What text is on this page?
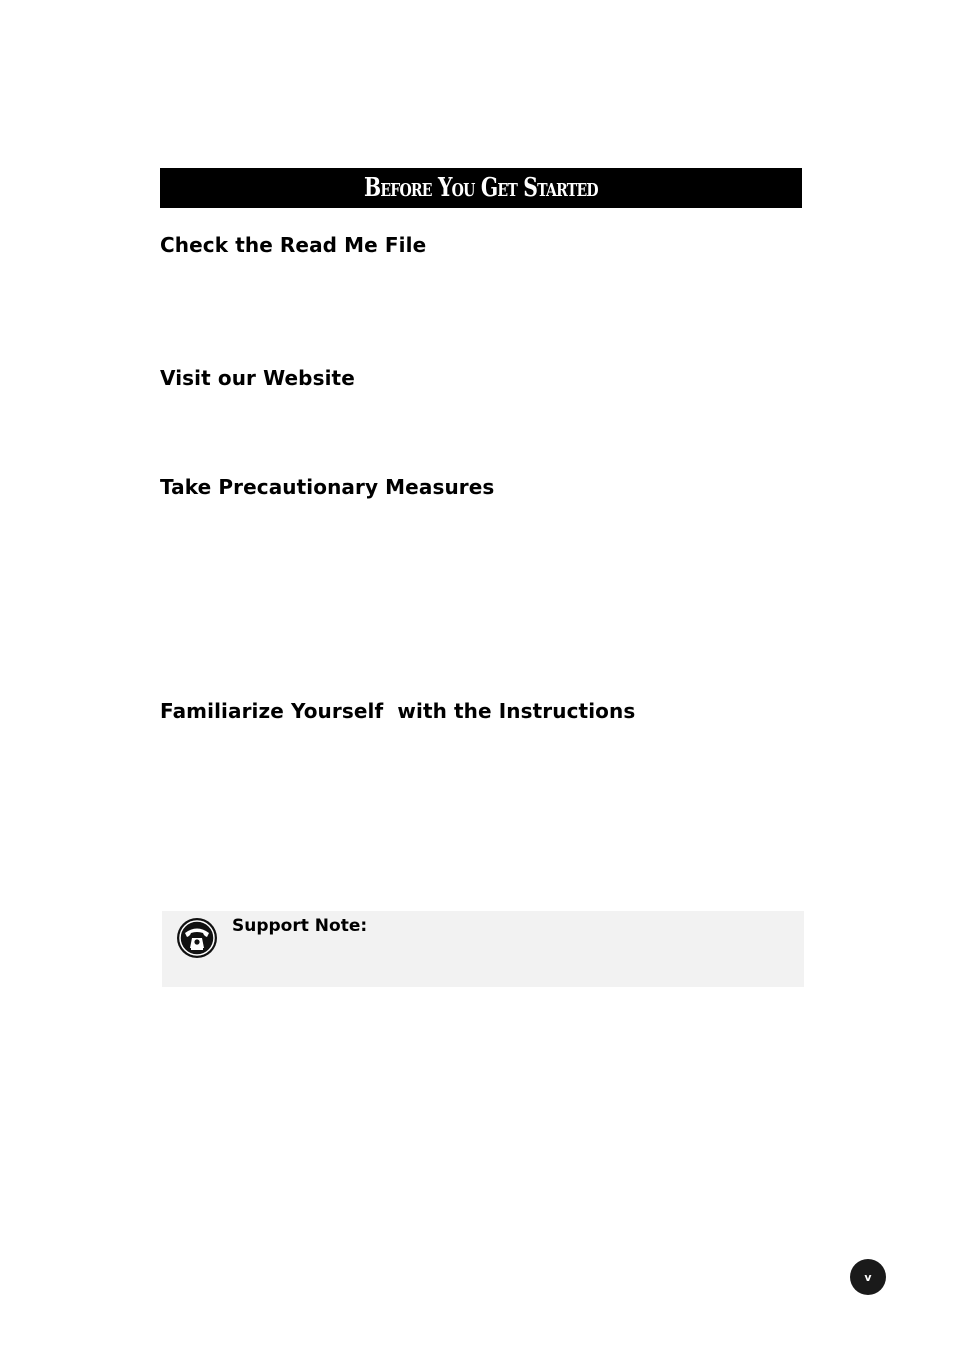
Before You Get Started
Check the Read Me File
Visit our Website
Take Precautionary Measures
Familiarize Yourself  with the Instructions
Support Note:
v
